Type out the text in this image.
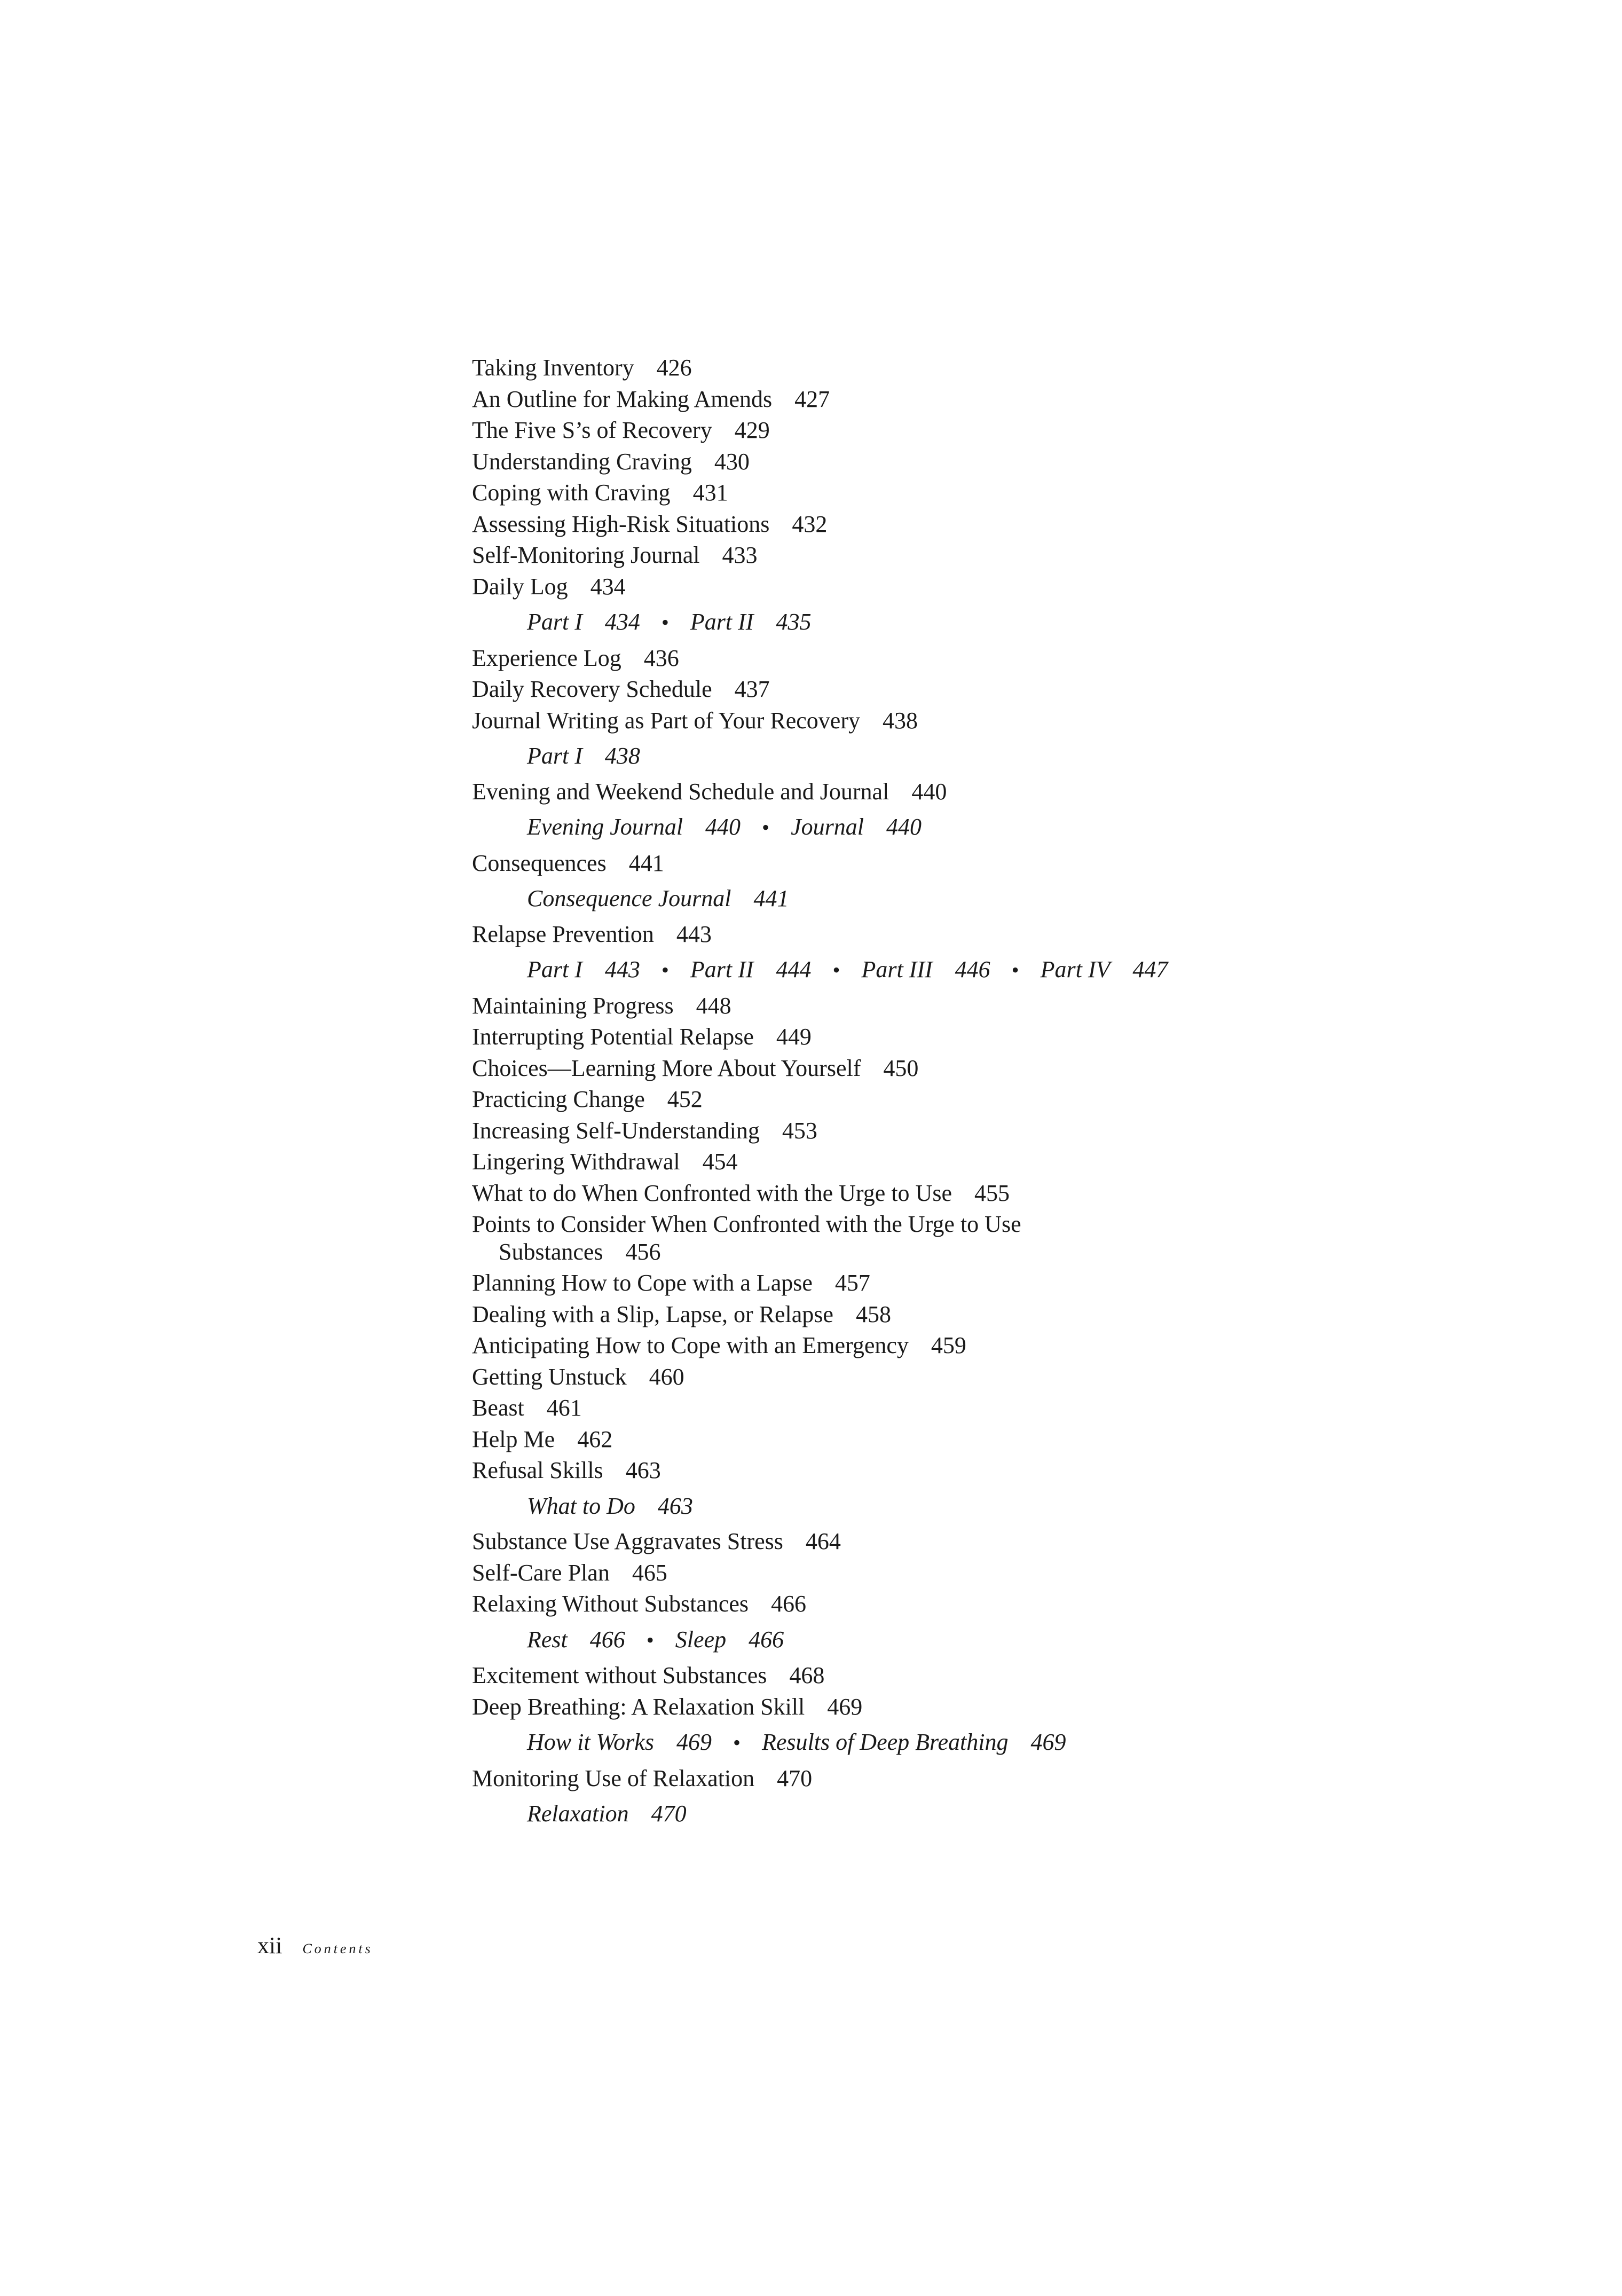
Taking Inventory 426
An Outline for Making Amends 427
The Five S’s of Recovery 429
Understanding Craving 430
Coping with Craving 431
Assessing High-Risk Situations 432
Self-Monitoring Journal 433
Daily Log 434
Part I 434 • Part II 435
Experience Log 436
Daily Recovery Schedule 437
Journal Writing as Part of Your Recovery 438
Part I 438
Evening and Weekend Schedule and Journal 440
Evening Journal 440 • Journal 440
Consequences 441
Consequence Journal 441
Relapse Prevention 443
Part I 443 • Part II 444 • Part III 446 • Part IV 447
Maintaining Progress 448
Interrupting Potential Relapse 449
Choices—Learning More About Yourself 450
Practicing Change 452
Increasing Self-Understanding 453
Lingering Withdrawal 454
What to do When Confronted with the Urge to Use 455
Points to Consider When Confronted with the Urge to Use
Substances 456
Planning How to Cope with a Lapse 457
Dealing with a Slip, Lapse, or Relapse 458
Anticipating How to Cope with an Emergency 459
Getting Unstuck 460
Beast 461
Help Me 462
Refusal Skills 463
What to Do 463
Substance Use Aggravates Stress 464
Self-Care Plan 465
Relaxing Without Substances 466
Rest 466 • Sleep 466
Excitement without Substances 468
Deep Breathing: A Relaxation Skill 469
How it Works 469 • Results of Deep Breathing 469
Monitoring Use of Relaxation 470
Relaxation 470
xii Contents
